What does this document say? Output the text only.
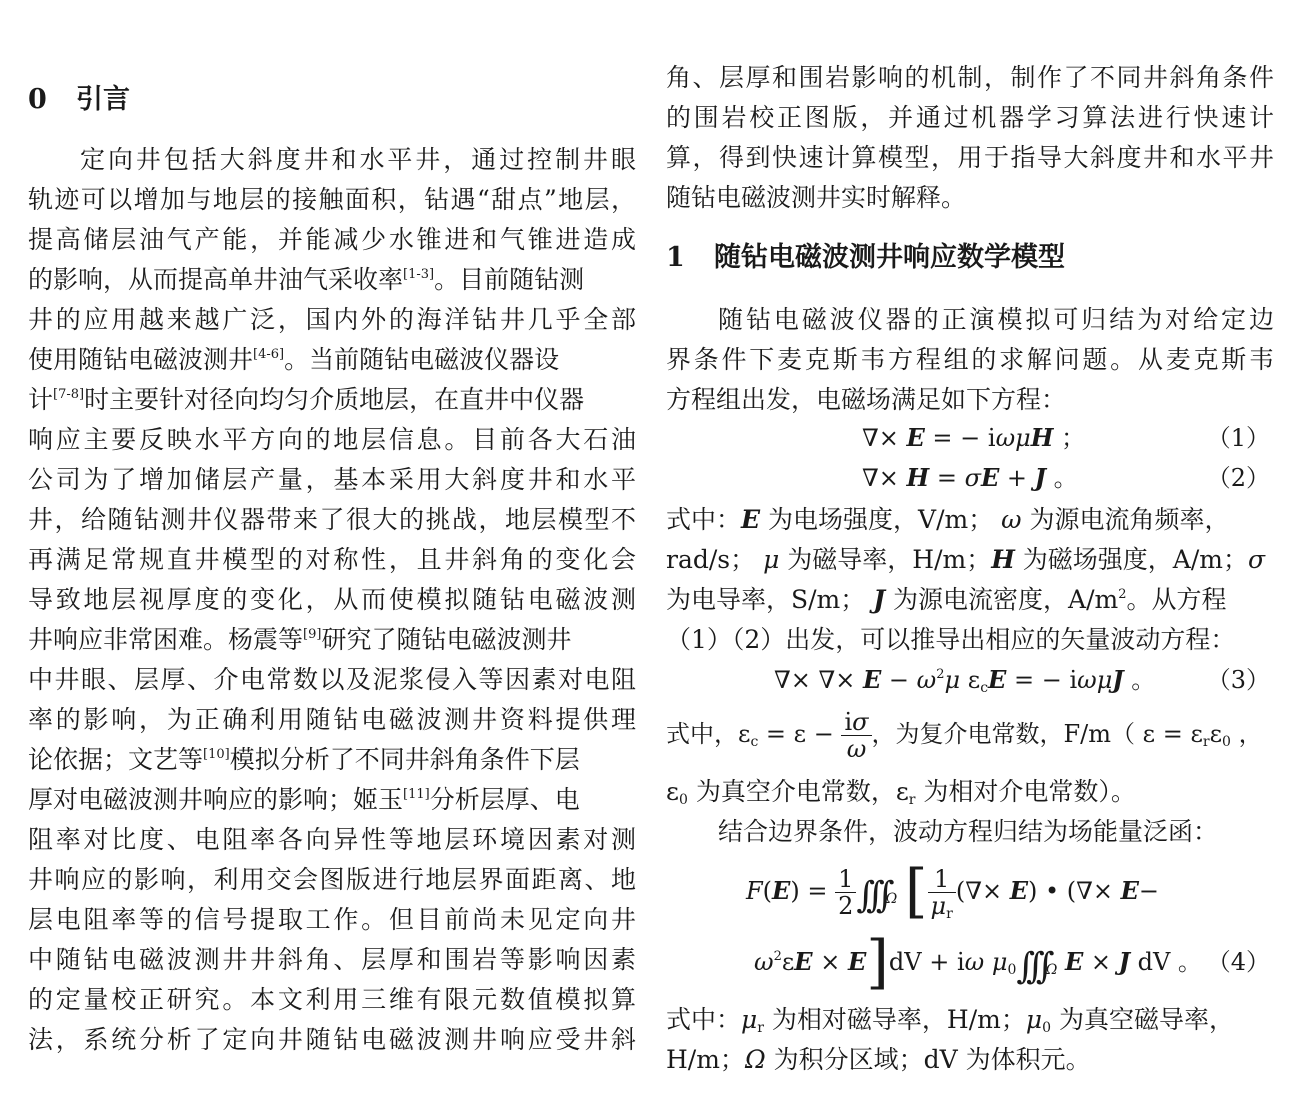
0 引言
定向井包括大斜度井和水平井，通过控制井眼
轨迹可以增加与地层的接触面积，钻遇“甜点”地层，
提高储层油气产能，并能减少水锥进和气锥进造成
的影响，从而提高单井油气采收率[1-3]。目前随钻测
井的应用越来越广泛，国内外的海洋钻井几乎全部
使用随钻电磁波测井[4-6]。当前随钻电磁波仪器设
计[7-8]时主要针对径向均匀介质地层，在直井中仪器
响应主要反映水平方向的地层信息。目前各大石油
公司为了增加储层产量，基本采用大斜度井和水平
井，给随钻测井仪器带来了很大的挑战，地层模型不
再满足常规直井模型的对称性，且井斜角的变化会
导致地层视厚度的变化，从而使模拟随钻电磁波测
井响应非常困难。杨震等[9]研究了随钻电磁波测井
中井眼、层厚、介电常数以及泥浆侵入等因素对电阻
率的影响，为正确利用随钻电磁波测井资料提供理
论依据；文艺等[10]模拟分析了不同井斜角条件下层
厚对电磁波测井响应的影响；姬玉[11]分析层厚、电
阻率对比度、电阻率各向异性等地层环境因素对测
井响应的影响，利用交会图版进行地层界面距离、地
层电阻率等的信号提取工作。但目前尚未见定向井
中随钻电磁波测井井斜角、层厚和围岩等影响因素
的定量校正研究。本文利用三维有限元数值模拟算
法，系统分析了定向井随钻电磁波测井响应受井斜
角、层厚和围岩影响的机制，制作了不同井斜角条件
的围岩校正图版，并通过机器学习算法进行快速计
算，得到快速计算模型，用于指导大斜度井和水平井
随钻电磁波测井实时解释。
1 随钻电磁波测井响应数学模型
随钻电磁波仪器的正演模拟可归结为对给定边
界条件下麦克斯韦方程组的求解问题。从麦克斯韦
方程组出发，电磁场满足如下方程：
∇× E = − iωμH ；	（1）
∇× H = σE + J 。	（2）
式中：E 为电场强度，V/m； ω 为源电流角频率，
rad/s； μ 为磁导率，H/m；H 为磁场强度，A/m；σ
为电导率，S/m； J 为源电流密度，$A/m^2$。从方程
（1）（2）出发，可以推导出相应的矢量波动方程：
∇× ∇× $E - \omega^2\mu$ $\varepsilon_cE$ = − iωμJ 。 （3）
式中，$\varepsilon_c = \varepsilon - \frac{i\sigma}{\omega}$ ，为复介电常数，F/m（ $\varepsilon = \varepsilon_r\varepsilon_0$ ，
$\varepsilon_0$ 为真空介电常数，$\varepsilon_r$ 为相对介电常数）。
结合边界条件，波动方程归结为场能量泛函：
$F(E) = \frac{1}{2} \int\int\int_\Omega$ [ $\frac{1}{\mu_r}$ (∇× E) • (∇× E−
$\omega^2\varepsilon E \times E]dV + i\omega$ $\mu_0\int\int\int_\Omega$ E × J dV 。 （4）
式中：$\mu_r$ 为相对磁导率，H/m；$\mu_0$ 为真空磁导率，
H/m；Ω 为积分区域；dV 为体积元。
